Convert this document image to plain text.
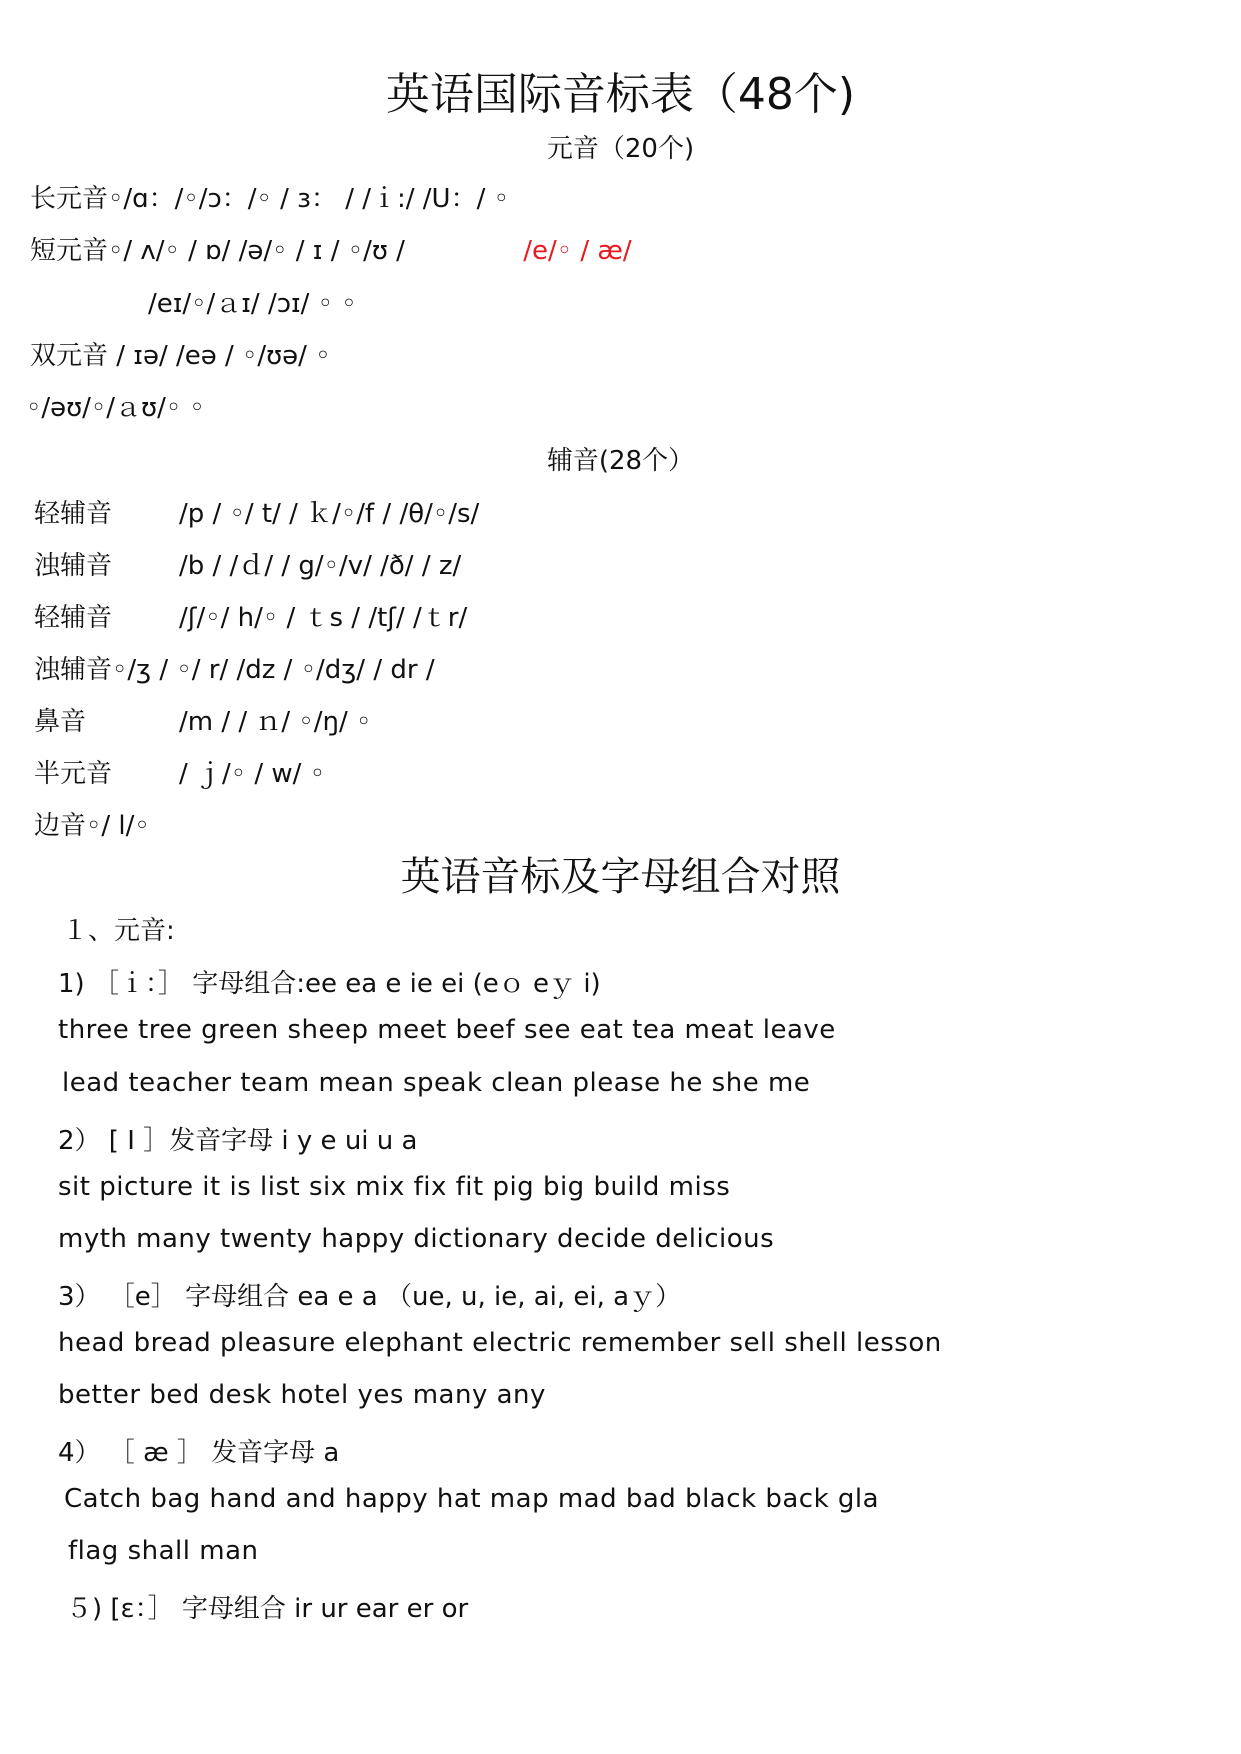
英语国际音标表（48个)
元音（20个)
长元音◦/ɑ：/◦/ɔ：/◦ / ɜ： / /ｉ:/ /U：/ ◦
短元音◦/ ʌ/◦ / ɒ/ /ə/◦ / ɪ / ◦/ʊ /	/e/◦ / æ/
/eɪ/◦/ａɪ/ /ɔɪ/ ◦ ◦
双元音 / ɪə/ /eə / ◦/ʊə/ ◦
◦/əʊ/◦/ａʊ/◦ ◦
辅音(28个）
轻辅音	/p / ◦/ t/ / ｋ/◦/f / /θ/◦/s/
浊辅音	/b / /ｄ/ / g/◦/v/ /ð/ / z/
轻辅音	/ʃ/◦/ h/◦ / ｔs / /tʃ/ /ｔr/
浊辅音◦/ʒ / ◦/ r/ /dz / ◦/dʒ/ / dr /
鼻音	/m / / ｎ/ ◦/ŋ/ ◦
半元音	/ ｊ/◦ / w/ ◦
边音◦/ l/◦
英语音标及字母组合对照
１、元音:
1) ［ｉ：］ 字母组合:ee ea e ie ei (eｏ eｙ i)
three tree green sheep meet beef see eat tea meat leave
lead teacher team mean speak clean please he she me
2） [ I ］发音字母 i y e ui u a
sit picture it is list six mix fix fit pig big build miss
myth many twenty happy dictionary decide delicious
3） ［e］ 字母组合 ea e a （ue, u, ie, ai, ei, aｙ）
head bread pleasure elephant electric remember sell shell lesson
better bed desk hotel yes many any
4） ［ æ ］ 发音字母 a
Catch bag hand and happy hat map mad bad black back gla
flag shall man
５) [ɛ：］ 字母组合 ir ur ear er or
